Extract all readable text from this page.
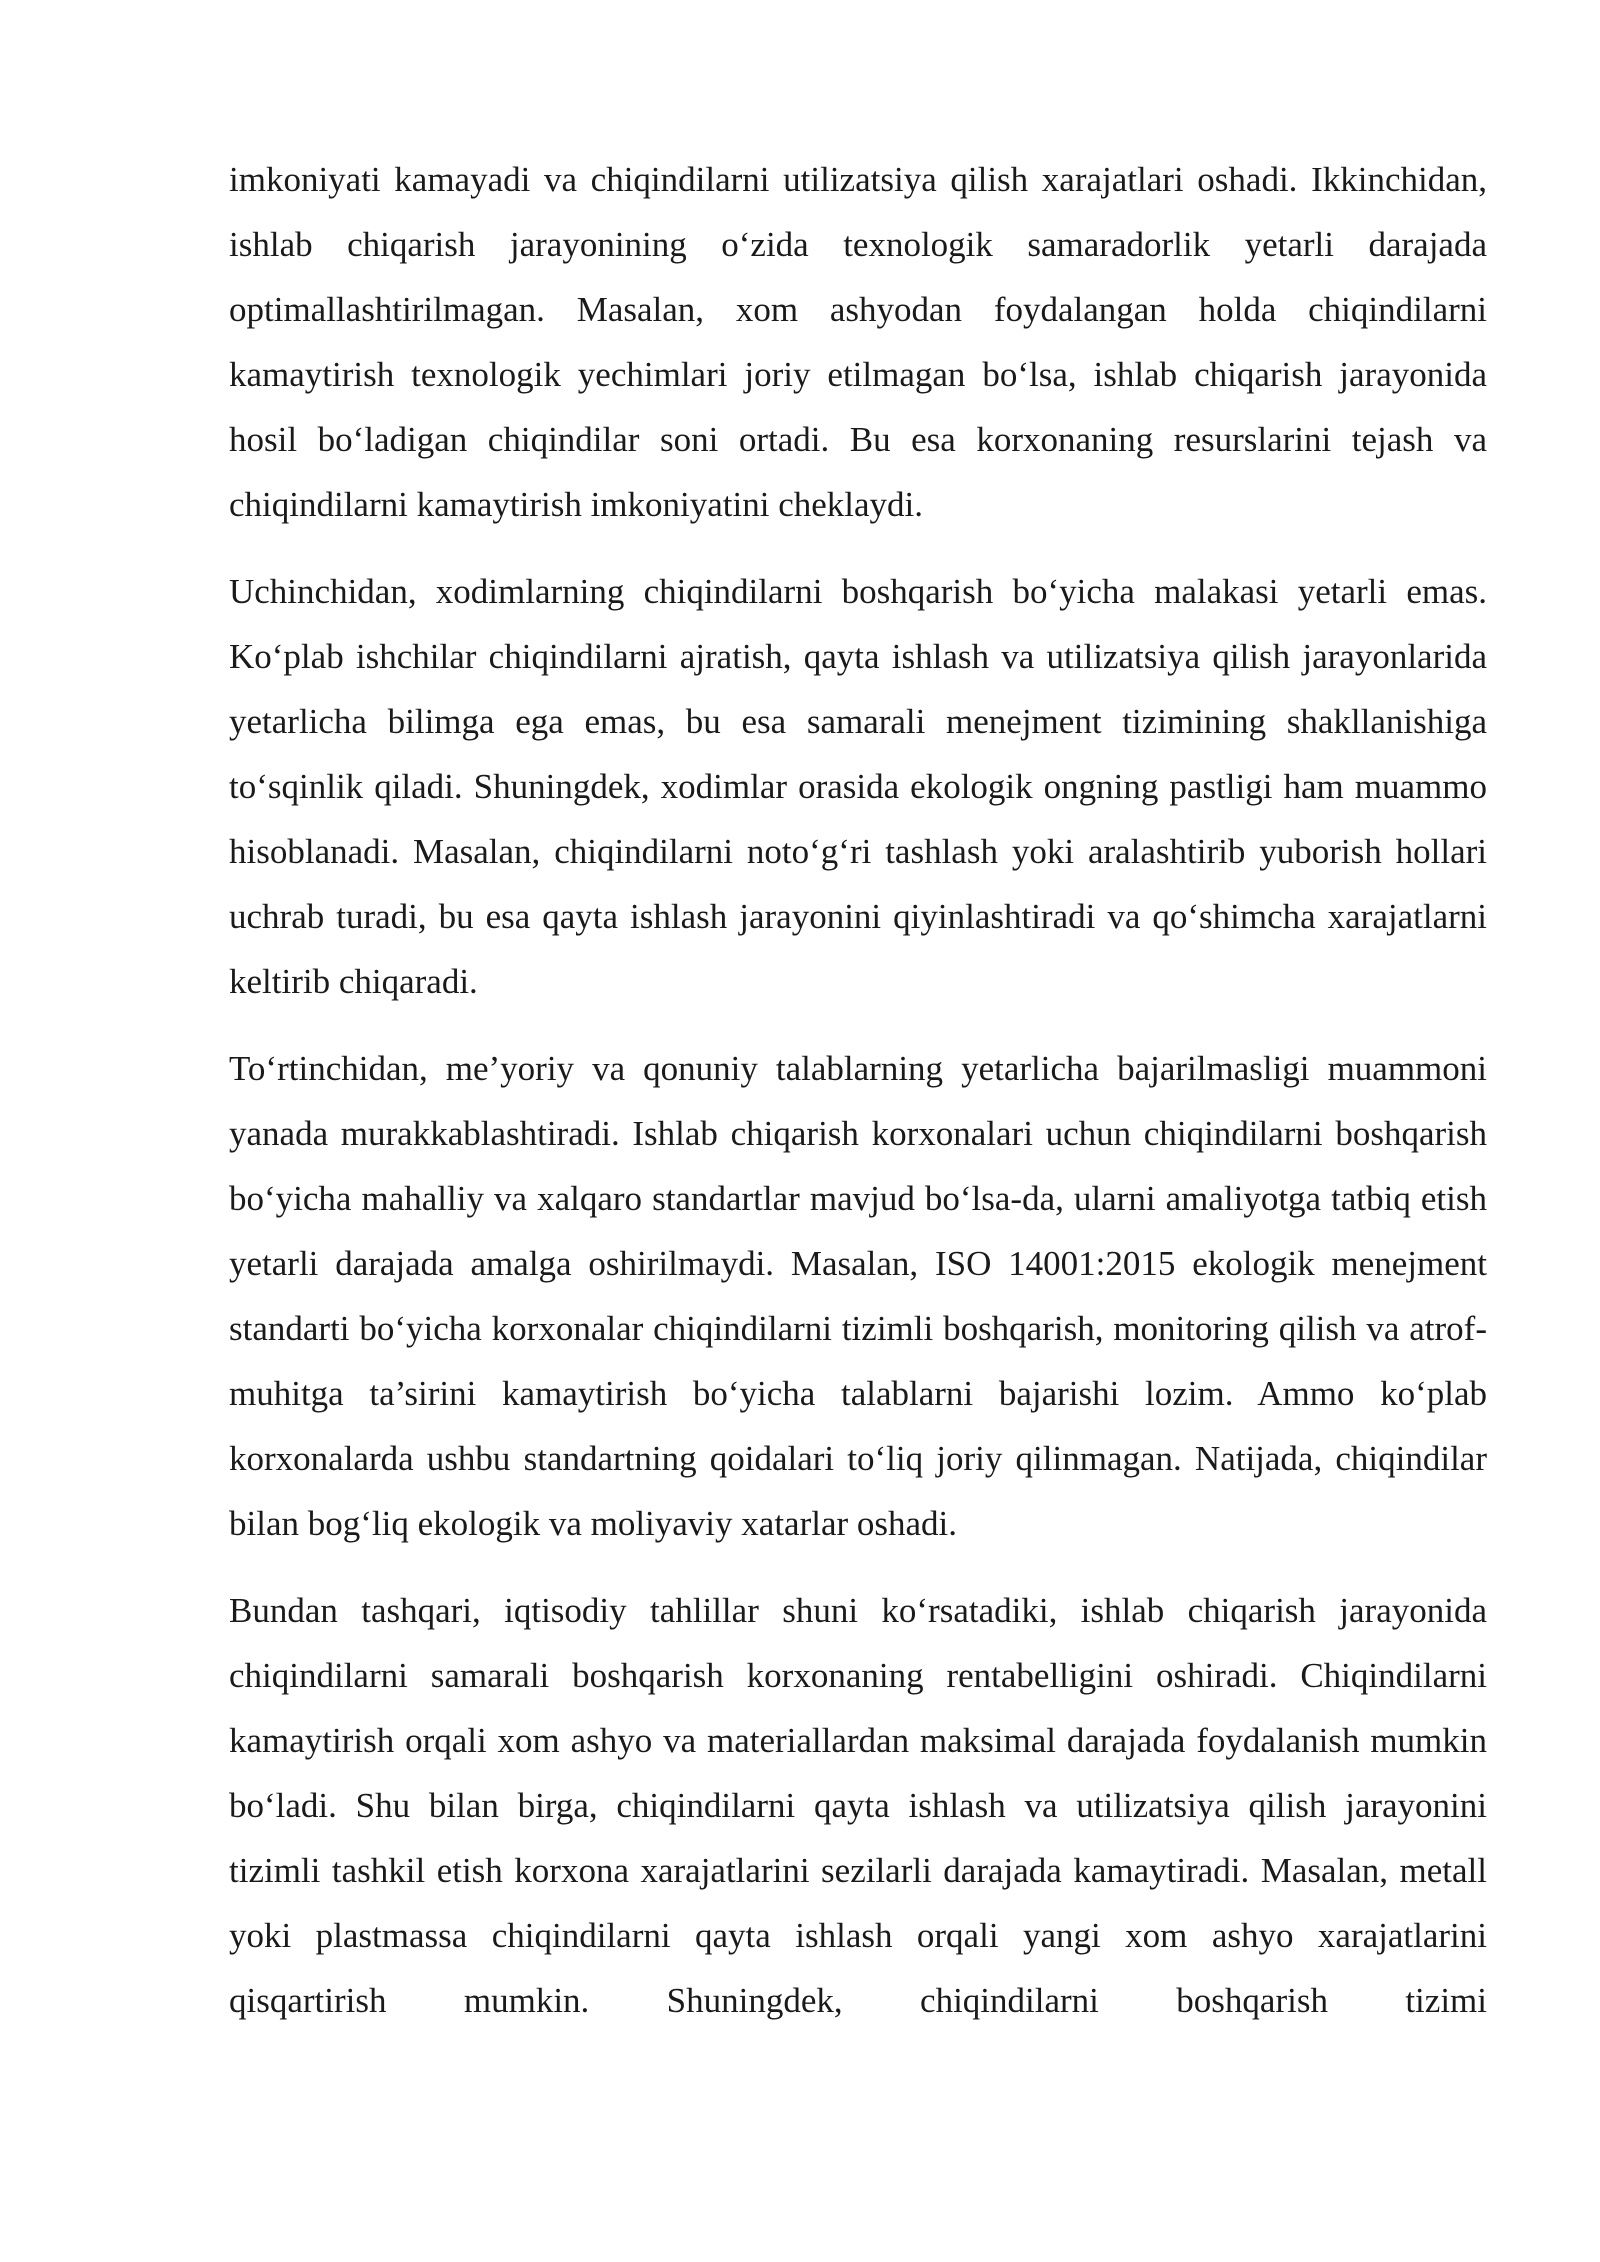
imkoniyati kamayadi va chiqindilarni utilizatsiya qilish xarajatlari oshadi. Ikkinchidan, ishlab chiqarish jarayonining o‘zida texnologik samaradorlik yetarli darajada optimallashtirilmagan. Masalan, xom ashyodan foydalangan holda chiqindilarni kamaytirish texnologik yechimlari joriy etilmagan bo‘lsa, ishlab chiqarish jarayonida hosil bo‘ladigan chiqindilar soni ortadi. Bu esa korxonaning resurslarini tejash va chiqindilarni kamaytirish imkoniyatini cheklaydi.

Uchinchidan, xodimlarning chiqindilarni boshqarish bo‘yicha malakasi yetarli emas. Ko‘plab ishchilar chiqindilarni ajratish, qayta ishlash va utilizatsiya qilish jarayonlarida yetarlicha bilimga ega emas, bu esa samarali menejment tizimining shakllanishiga to‘sqinlik qiladi. Shuningdek, xodimlar orasida ekologik ongning pastligi ham muammo hisoblanadi. Masalan, chiqindilarni noto‘g‘ri tashlash yoki aralashtirib yuborish hollari uchrab turadi, bu esa qayta ishlash jarayonini qiyinlashtiradi va qo‘shimcha xarajatlarni keltirib chiqaradi.

To‘rtinchidan, me’yoriy va qonuniy talablarning yetarlicha bajarilmasligi muammoni yanada murakkablashtiradi. Ishlab chiqarish korxonalari uchun chiqindilarni boshqarish bo‘yicha mahalliy va xalqaro standartlar mavjud bo‘lsa-da, ularni amaliyotga tatbiq etish yetarli darajada amalga oshirilmaydi. Masalan, ISO 14001:2015 ekologik menejment standarti bo‘yicha korxonalar chiqindilarni tizimli boshqarish, monitoring qilish va atrof-muhitga ta’sirini kamaytirish bo‘yicha talablarni bajarishi lozim. Ammo ko‘plab korxonalarda ushbu standartning qoidalari to‘liq joriy qilinmagan. Natijada, chiqindilar bilan bog‘liq ekologik va moliyaviy xatarlar oshadi.

Bundan tashqari, iqtisodiy tahlillar shuni ko‘rsatadiki, ishlab chiqarish jarayonida chiqindilarni samarali boshqarish korxonaning rentabelligini oshiradi. Chiqindilarni kamaytirish orqali xom ashyo va materiallardan maksimal darajada foydalanish mumkin bo‘ladi. Shu bilan birga, chiqindilarni qayta ishlash va utilizatsiya qilish jarayonini tizimli tashkil etish korxona xarajatlarini sezilarli darajada kamaytiradi. Masalan, metall yoki plastmassa chiqindilarni qayta ishlash orqali yangi xom ashyo xarajatlarini qisqartirish mumkin. Shuningdek, chiqindilarni boshqarish tizimi
